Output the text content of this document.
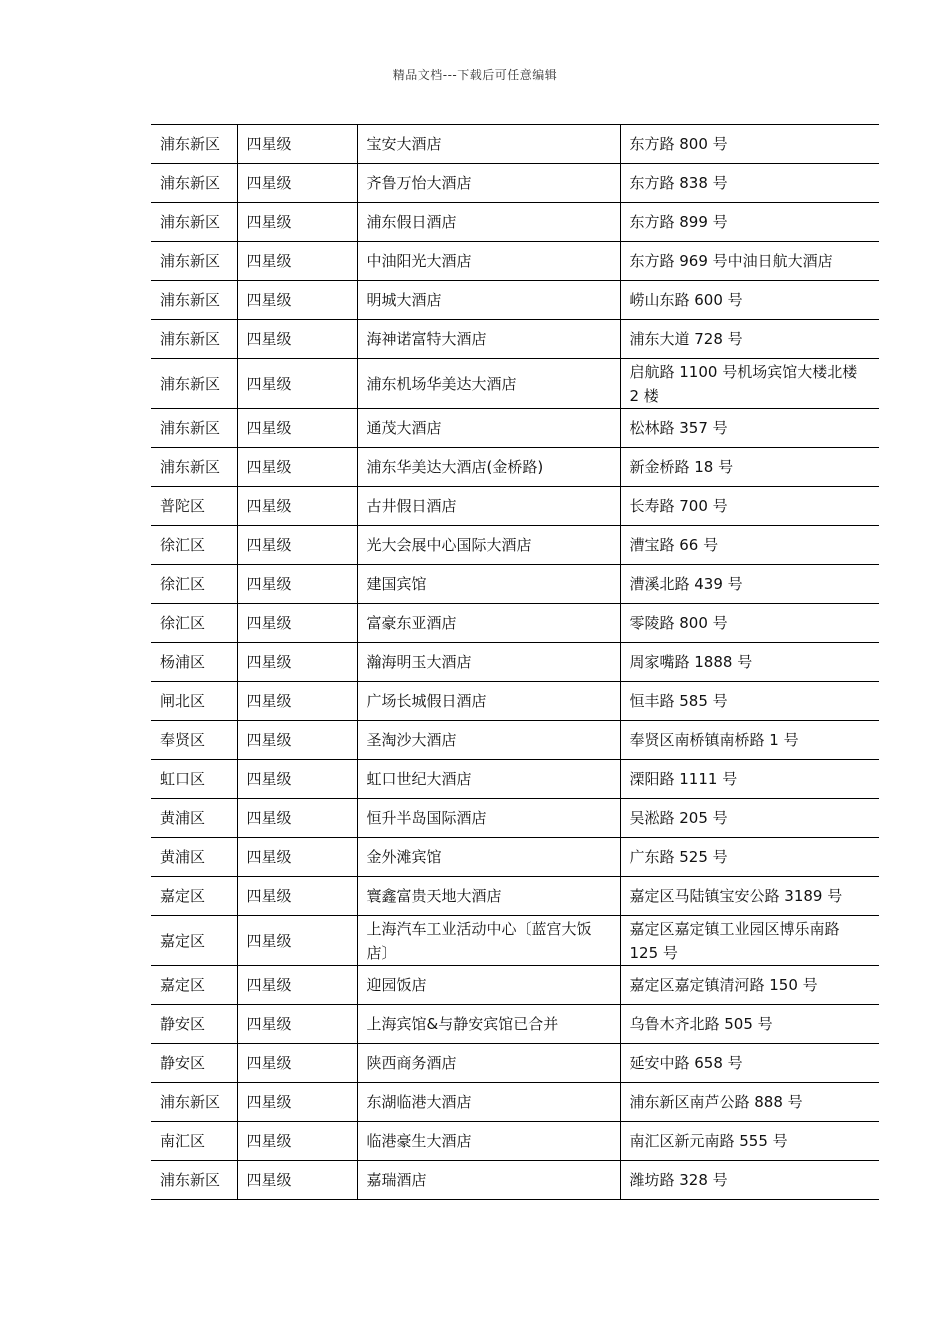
精品文档---下载后可任意编辑
浦东新区	四星级	宝安大酒店	东方路 800 号
浦东新区	四星级	齐鲁万怡大酒店	东方路 838 号
浦东新区	四星级	浦东假日酒店	东方路 899 号
浦东新区	四星级	中油阳光大酒店	东方路 969 号中油日航大酒店
浦东新区	四星级	明城大酒店	崂山东路 600 号
浦东新区	四星级	海神诺富特大酒店	浦东大道 728 号
浦东新区	四星级	浦东机场华美达大酒店	启航路 1100 号机场宾馆大楼北楼 2 楼
浦东新区	四星级	通茂大酒店	松林路 357 号
浦东新区	四星级	浦东华美达大酒店(金桥路)	新金桥路 18 号
普陀区	四星级	古井假日酒店	长寿路 700 号
徐汇区	四星级	光大会展中心国际大酒店	漕宝路 66 号
徐汇区	四星级	建国宾馆	漕溪北路 439 号
徐汇区	四星级	富豪东亚酒店	零陵路 800 号
杨浦区	四星级	瀚海明玉大酒店	周家嘴路 1888 号
闸北区	四星级	广场长城假日酒店	恒丰路 585 号
奉贤区	四星级	圣淘沙大酒店	奉贤区南桥镇南桥路 1 号
虹口区	四星级	虹口世纪大酒店	溧阳路 1111 号
黄浦区	四星级	恒升半岛国际酒店	吴淞路 205 号
黄浦区	四星级	金外滩宾馆	广东路 525 号
嘉定区	四星级	寰鑫富贵天地大酒店	嘉定区马陆镇宝安公路 3189 号
嘉定区	四星级	上海汽车工业活动中心〔蓝宫大饭店〕	嘉定区嘉定镇工业园区博乐南路 125 号
嘉定区	四星级	迎园饭店	嘉定区嘉定镇清河路 150 号
静安区	四星级	上海宾馆&与静安宾馆已合并	乌鲁木齐北路 505 号
静安区	四星级	陕西商务酒店	延安中路 658 号
浦东新区	四星级	东湖临港大酒店	浦东新区南芦公路 888 号
南汇区	四星级	临港豪生大酒店	南汇区新元南路 555 号
浦东新区	四星级	嘉瑞酒店	潍坊路 328 号
